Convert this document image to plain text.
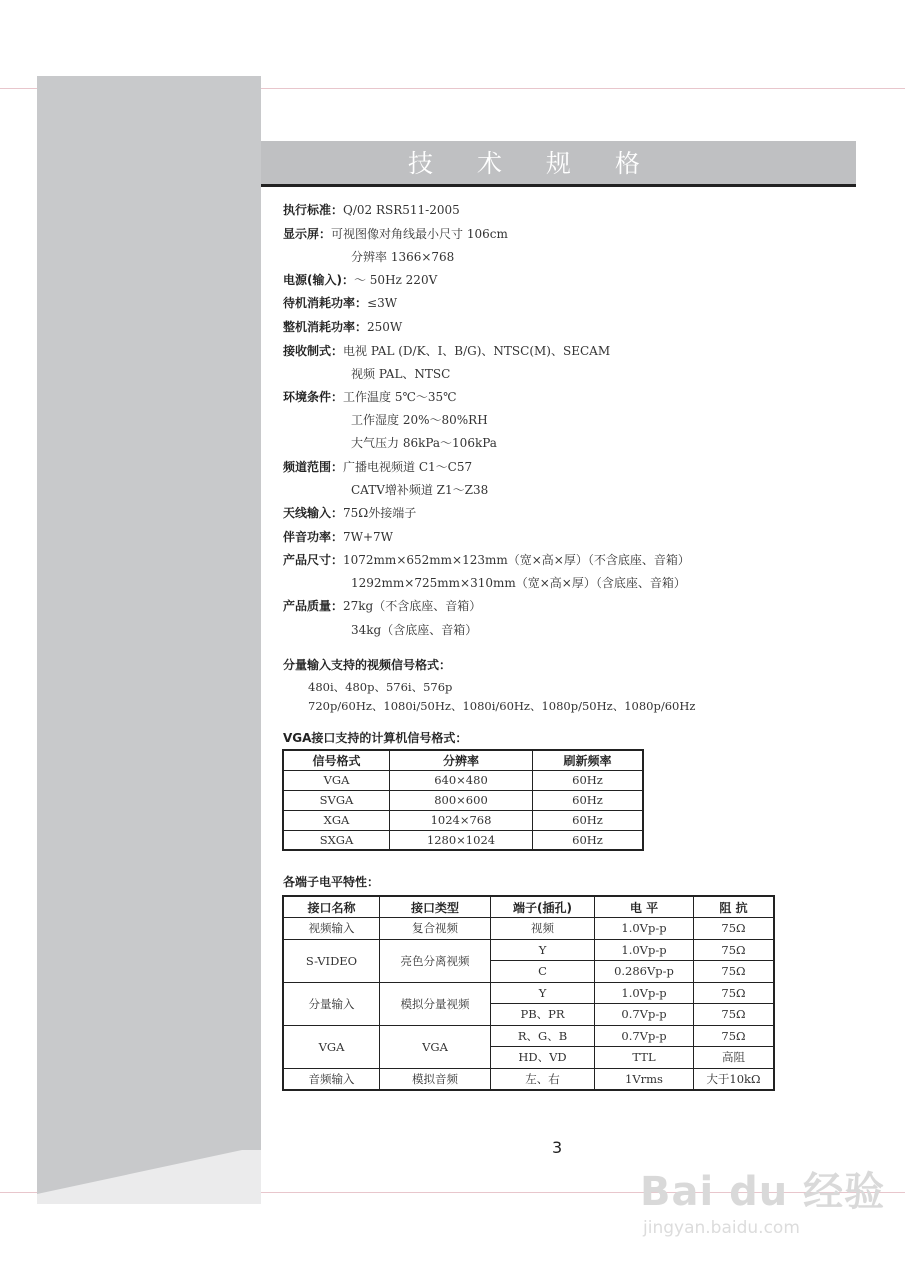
技 术 规 格
执行标准：Q/02 RSR511-2005
显示屏：可视图像对角线最小尺寸 106cm
分辨率 1366×768
电源(输入)：～ 50Hz 220V
待机消耗功率：≤3W
整机消耗功率：250W
接收制式：电视 PAL (D/K、I、B/G)、NTSC(M)、SECAM
视频 PAL、NTSC
环境条件：工作温度 5℃～35℃
工作湿度 20%～80%RH
大气压力 86kPa～106kPa
频道范围：广播电视频道 C1～C57
CATV增补频道 Z1～Z38
天线输入：75Ω外接端子
伴音功率：7W+7W
产品尺寸：1072mm×652mm×123mm（宽×高×厚）（不含底座、音箱）
1292mm×725mm×310mm（宽×高×厚）（含底座、音箱）
产品质量：27kg（不含底座、音箱）
34kg（含底座、音箱）
分量输入支持的视频信号格式：
480i、480p、576i、576p
720p/60Hz、1080i/50Hz、1080i/60Hz、1080p/50Hz、1080p/60Hz
VGA接口支持的计算机信号格式：
信号格式	分辨率	刷新频率
VGA	640×480	60Hz
SVGA	800×600	60Hz
XGA	1024×768	60Hz
SXGA	1280×1024	60Hz
各端子电平特性：
接口名称	接口类型	端子(插孔)	电 平	阻 抗
视频输入	复合视频	视频	1.0Vp-p	75Ω
S-VIDEO	亮色分离视频	Y	1.0Vp-p	75Ω
		C	0.286Vp-p	75Ω
分量输入	模拟分量视频	Y	1.0Vp-p	75Ω
		PB、PR	0.7Vp-p	75Ω
VGA	VGA	R、G、B	0.7Vp-p	75Ω
		HD、VD	TTL	高阻
音频输入	模拟音频	左、右	1Vrms	大于10kΩ
3
Bai du 经验
jingyan.baidu.com
